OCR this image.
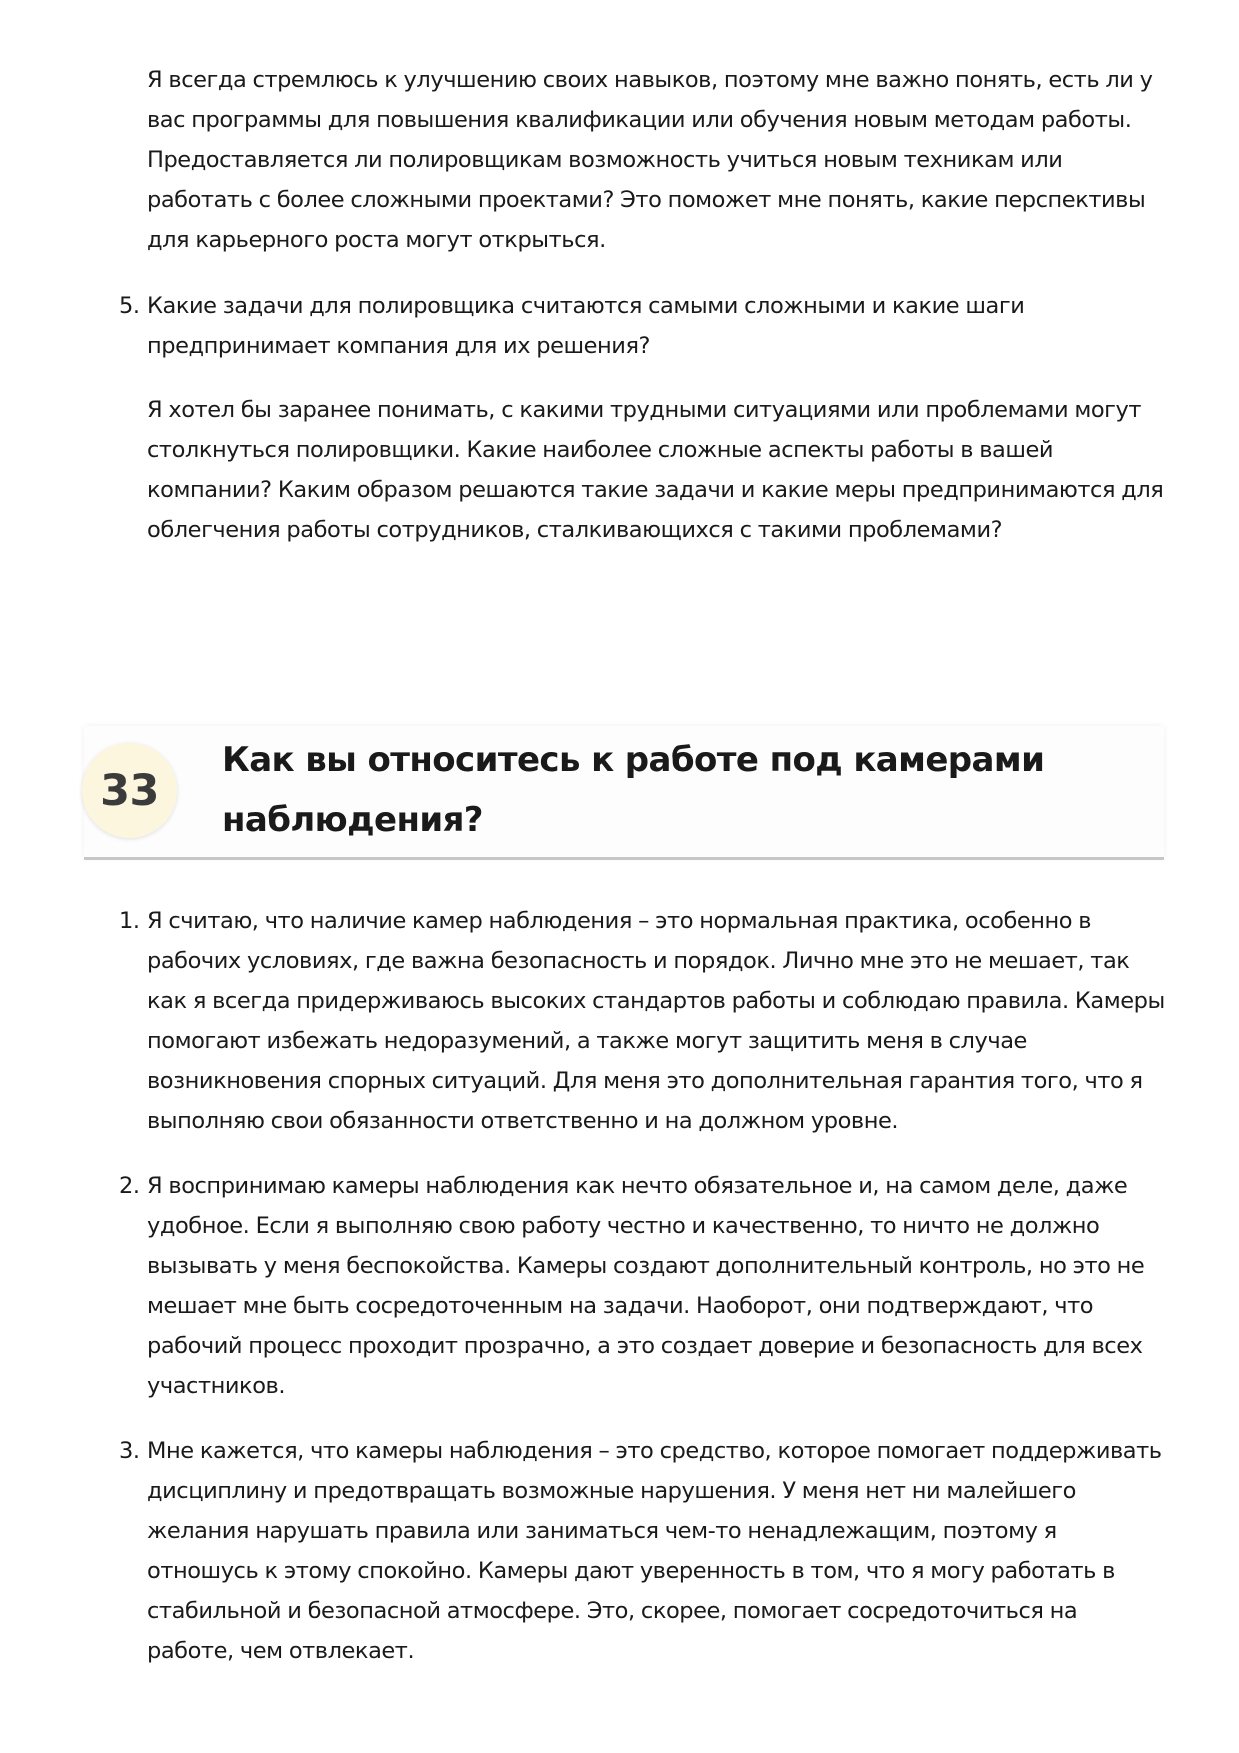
Я всегда стремлюсь к улучшению своих навыков, поэтому мне важно понять, есть ли у вас программы для повышения квалификации или обучения новым методам работы. Предоставляется ли полировщикам возможность учиться новым техникам или работать с более сложными проектами? Это поможет мне понять, какие перспективы для карьерного роста могут открыться.

5. Какие задачи для полировщика считаются самыми сложными и какие шаги предпринимает компания для их решения?

Я хотел бы заранее понимать, с какими трудными ситуациями или проблемами могут столкнуться полировщики. Какие наиболее сложные аспекты работы в вашей компании? Каким образом решаются такие задачи и какие меры предпринимаются для облегчения работы сотрудников, сталкивающихся с такими проблемами?

33
Как вы относитесь к работе под камерами наблюдения?
1. Я считаю, что наличие камер наблюдения – это нормальная практика, особенно в рабочих условиях, где важна безопасность и порядок. Лично мне это не мешает, так как я всегда придерживаюсь высоких стандартов работы и соблюдаю правила. Камеры помогают избежать недоразумений, а также могут защитить меня в случае возникновения спорных ситуаций. Для меня это дополнительная гарантия того, что я выполняю свои обязанности ответственно и на должном уровне.
2. Я воспринимаю камеры наблюдения как нечто обязательное и, на самом деле, даже удобное. Если я выполняю свою работу честно и качественно, то ничто не должно вызывать у меня беспокойства. Камеры создают дополнительный контроль, но это не мешает мне быть сосредоточенным на задачи. Наоборот, они подтверждают, что рабочий процесс проходит прозрачно, а это создает доверие и безопасность для всех участников.
3. Мне кажется, что камеры наблюдения – это средство, которое помогает поддерживать дисциплину и предотвращать возможные нарушения. У меня нет ни малейшего желания нарушать правила или заниматься чем-то ненадлежащим, поэтому я отношусь к этому спокойно. Камеры дают уверенность в том, что я могу работать в стабильной и безопасной атмосфере. Это, скорее, помогает сосредоточиться на работе, чем отвлекает.
